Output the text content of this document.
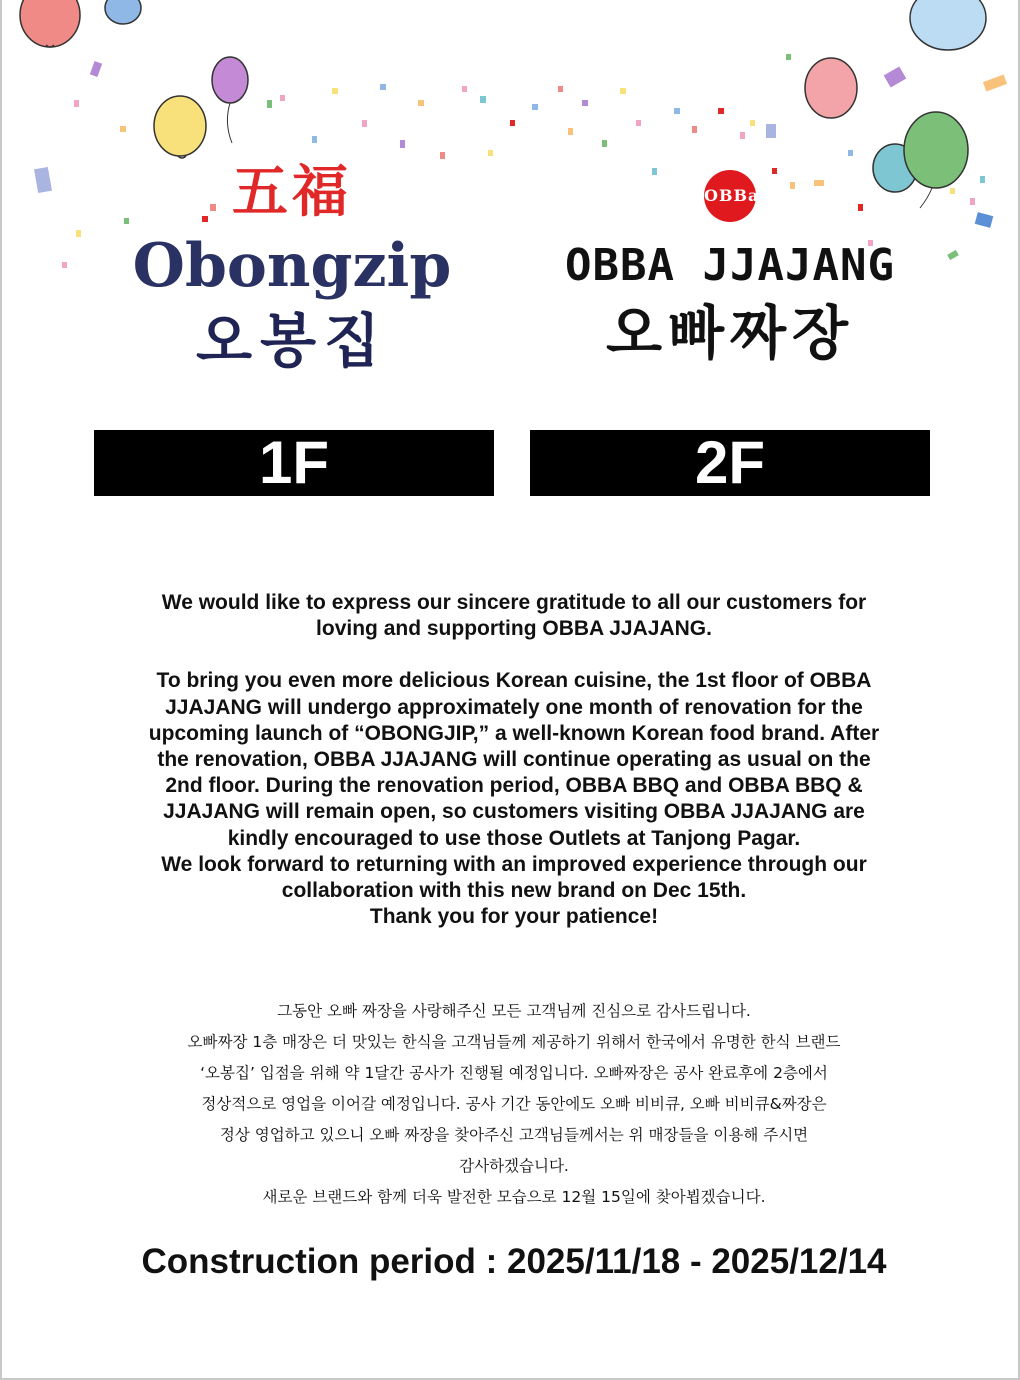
五福
Obongzip
오봉집
OBBa
OBBA JJAJANG
오빠짜장
1F	2F

We would like to express our sincere gratitude to all our customers for loving and supporting OBBA JJAJANG.

To bring you even more delicious Korean cuisine, the 1st floor of OBBA JJAJANG will undergo approximately one month of renovation for the upcoming launch of “OBONGJIP,” a well-known Korean food brand. After the renovation, OBBA JJAJANG will continue operating as usual on the 2nd floor. During the renovation period, OBBA BBQ and OBBA BBQ & JJAJANG will remain open, so customers visiting OBBA JJAJANG are kindly encouraged to use those Outlets at Tanjong Pagar.

We look forward to returning with an improved experience through our collaboration with this new brand on Dec 15th.

Thank you for your patience!

그동안 오빠 짜장을 사랑해주신 모든 고객님께 진심으로 감사드립니다.

오빠짜장 1층 매장은 더 맛있는 한식을 고객님들께 제공하기 위해서 한국에서 유명한 한식 브랜드

‘오봉집’ 입점을 위해 약 1달간 공사가 진행될 예정입니다. 오빠짜장은 공사 완료후에 2층에서

정상적으로 영업을 이어갈 예정입니다. 공사 기간 동안에도 오빠 비비큐, 오빠 비비큐&짜장은

정상 영업하고 있으니 오빠 짜장을 찾아주신 고객님들께서는 위 매장들을 이용해 주시면

감사하겠습니다.

새로운 브랜드와 함께 더욱 발전한 모습으로 12월 15일에 찾아뵙겠습니다.

Construction period : 2025/11/18 - 2025/12/14
